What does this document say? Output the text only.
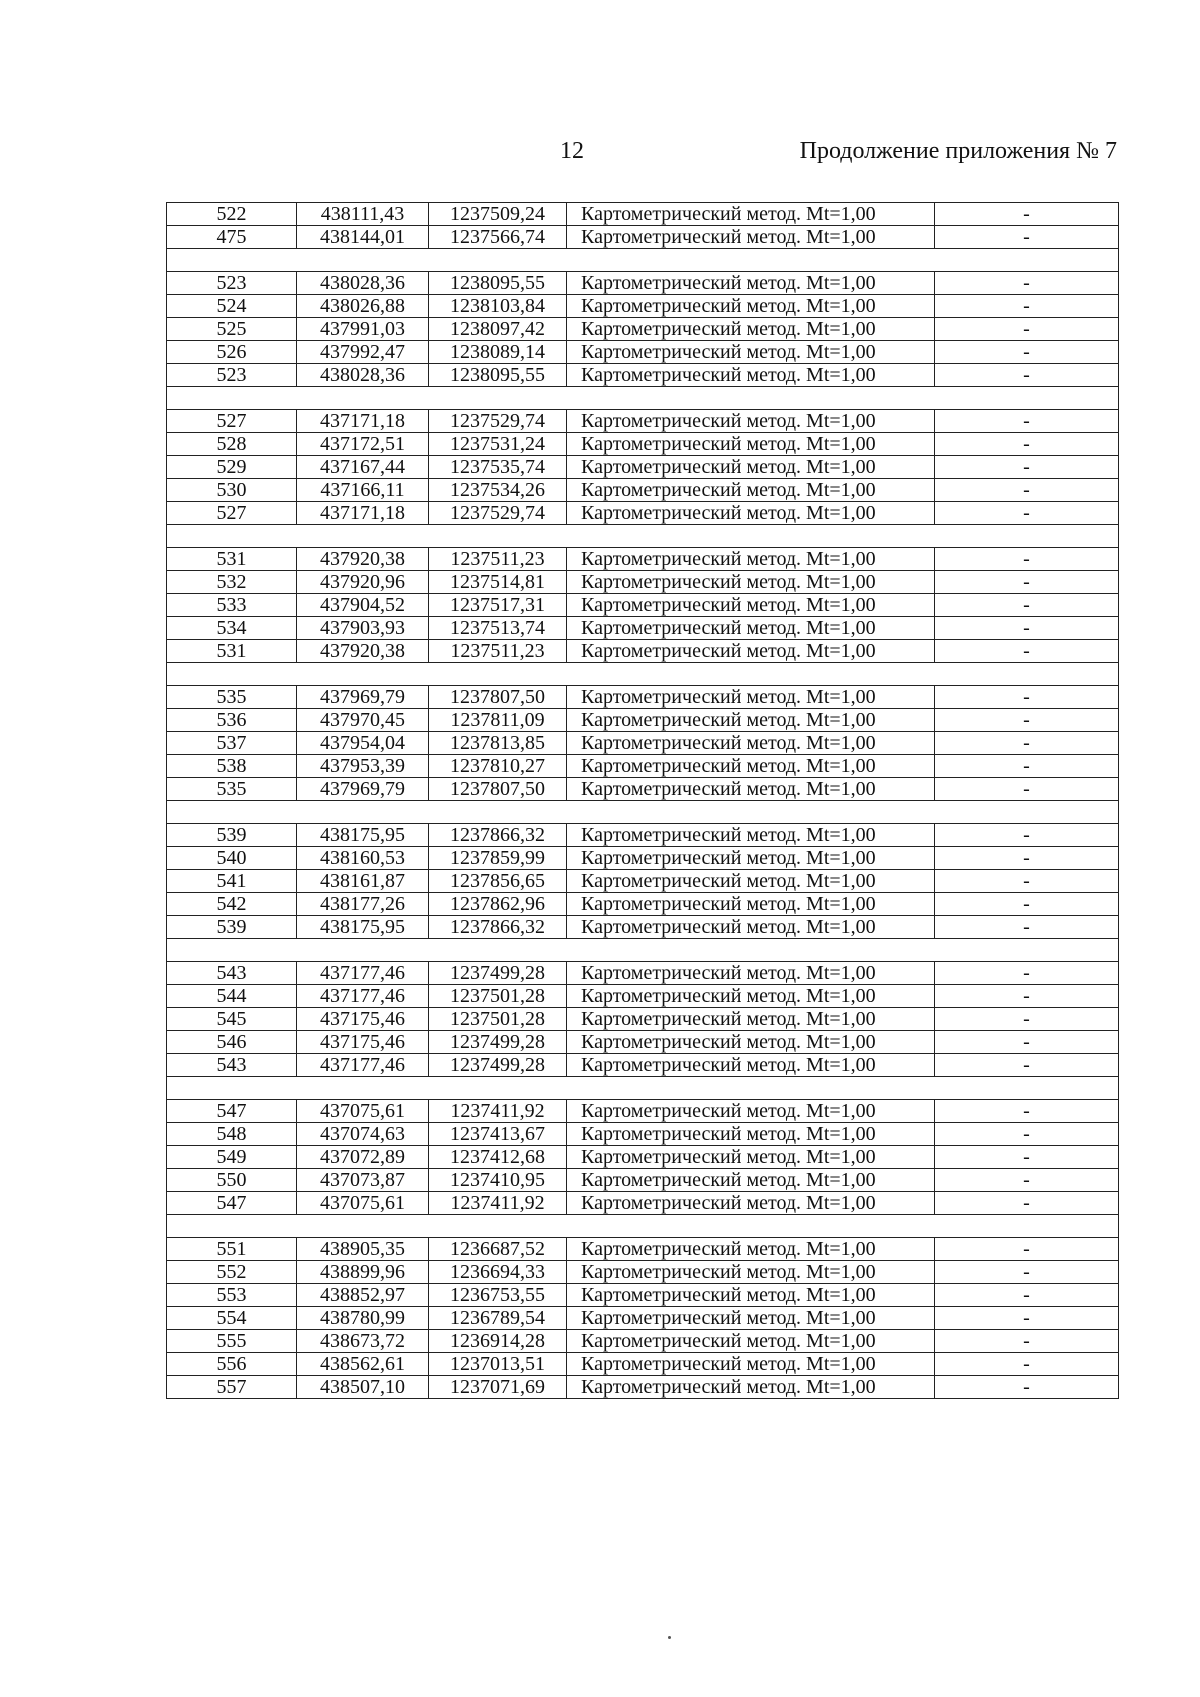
12	Продолжение приложения № 7
522	438111,43	1237509,24	Картометрический метод. Mt=1,00	-
475	438144,01	1237566,74	Картометрический метод. Mt=1,00	-

523	438028,36	1238095,55	Картометрический метод. Mt=1,00	-
524	438026,88	1238103,84	Картометрический метод. Mt=1,00	-
525	437991,03	1238097,42	Картометрический метод. Mt=1,00	-
526	437992,47	1238089,14	Картометрический метод. Mt=1,00	-
523	438028,36	1238095,55	Картометрический метод. Mt=1,00	-

527	437171,18	1237529,74	Картометрический метод. Mt=1,00	-
528	437172,51	1237531,24	Картометрический метод. Mt=1,00	-
529	437167,44	1237535,74	Картометрический метод. Mt=1,00	-
530	437166,11	1237534,26	Картометрический метод. Mt=1,00	-
527	437171,18	1237529,74	Картометрический метод. Mt=1,00	-

531	437920,38	1237511,23	Картометрический метод. Mt=1,00	-
532	437920,96	1237514,81	Картометрический метод. Mt=1,00	-
533	437904,52	1237517,31	Картометрический метод. Mt=1,00	-
534	437903,93	1237513,74	Картометрический метод. Mt=1,00	-
531	437920,38	1237511,23	Картометрический метод. Mt=1,00	-

535	437969,79	1237807,50	Картометрический метод. Mt=1,00	-
536	437970,45	1237811,09	Картометрический метод. Mt=1,00	-
537	437954,04	1237813,85	Картометрический метод. Mt=1,00	-
538	437953,39	1237810,27	Картометрический метод. Mt=1,00	-
535	437969,79	1237807,50	Картометрический метод. Mt=1,00	-

539	438175,95	1237866,32	Картометрический метод. Mt=1,00	-
540	438160,53	1237859,99	Картометрический метод. Mt=1,00	-
541	438161,87	1237856,65	Картометрический метод. Mt=1,00	-
542	438177,26	1237862,96	Картометрический метод. Mt=1,00	-
539	438175,95	1237866,32	Картометрический метод. Mt=1,00	-

543	437177,46	1237499,28	Картометрический метод. Mt=1,00	-
544	437177,46	1237501,28	Картометрический метод. Mt=1,00	-
545	437175,46	1237501,28	Картометрический метод. Mt=1,00	-
546	437175,46	1237499,28	Картометрический метод. Mt=1,00	-
543	437177,46	1237499,28	Картометрический метод. Mt=1,00	-

547	437075,61	1237411,92	Картометрический метод. Mt=1,00	-
548	437074,63	1237413,67	Картометрический метод. Mt=1,00	-
549	437072,89	1237412,68	Картометрический метод. Mt=1,00	-
550	437073,87	1237410,95	Картометрический метод. Mt=1,00	-
547	437075,61	1237411,92	Картометрический метод. Mt=1,00	-

551	438905,35	1236687,52	Картометрический метод. Mt=1,00	-
552	438899,96	1236694,33	Картометрический метод. Mt=1,00	-
553	438852,97	1236753,55	Картометрический метод. Mt=1,00	-
554	438780,99	1236789,54	Картометрический метод. Mt=1,00	-
555	438673,72	1236914,28	Картометрический метод. Mt=1,00	-
556	438562,61	1237013,51	Картометрический метод. Mt=1,00	-
557	438507,10	1237071,69	Картометрический метод. Mt=1,00	-
